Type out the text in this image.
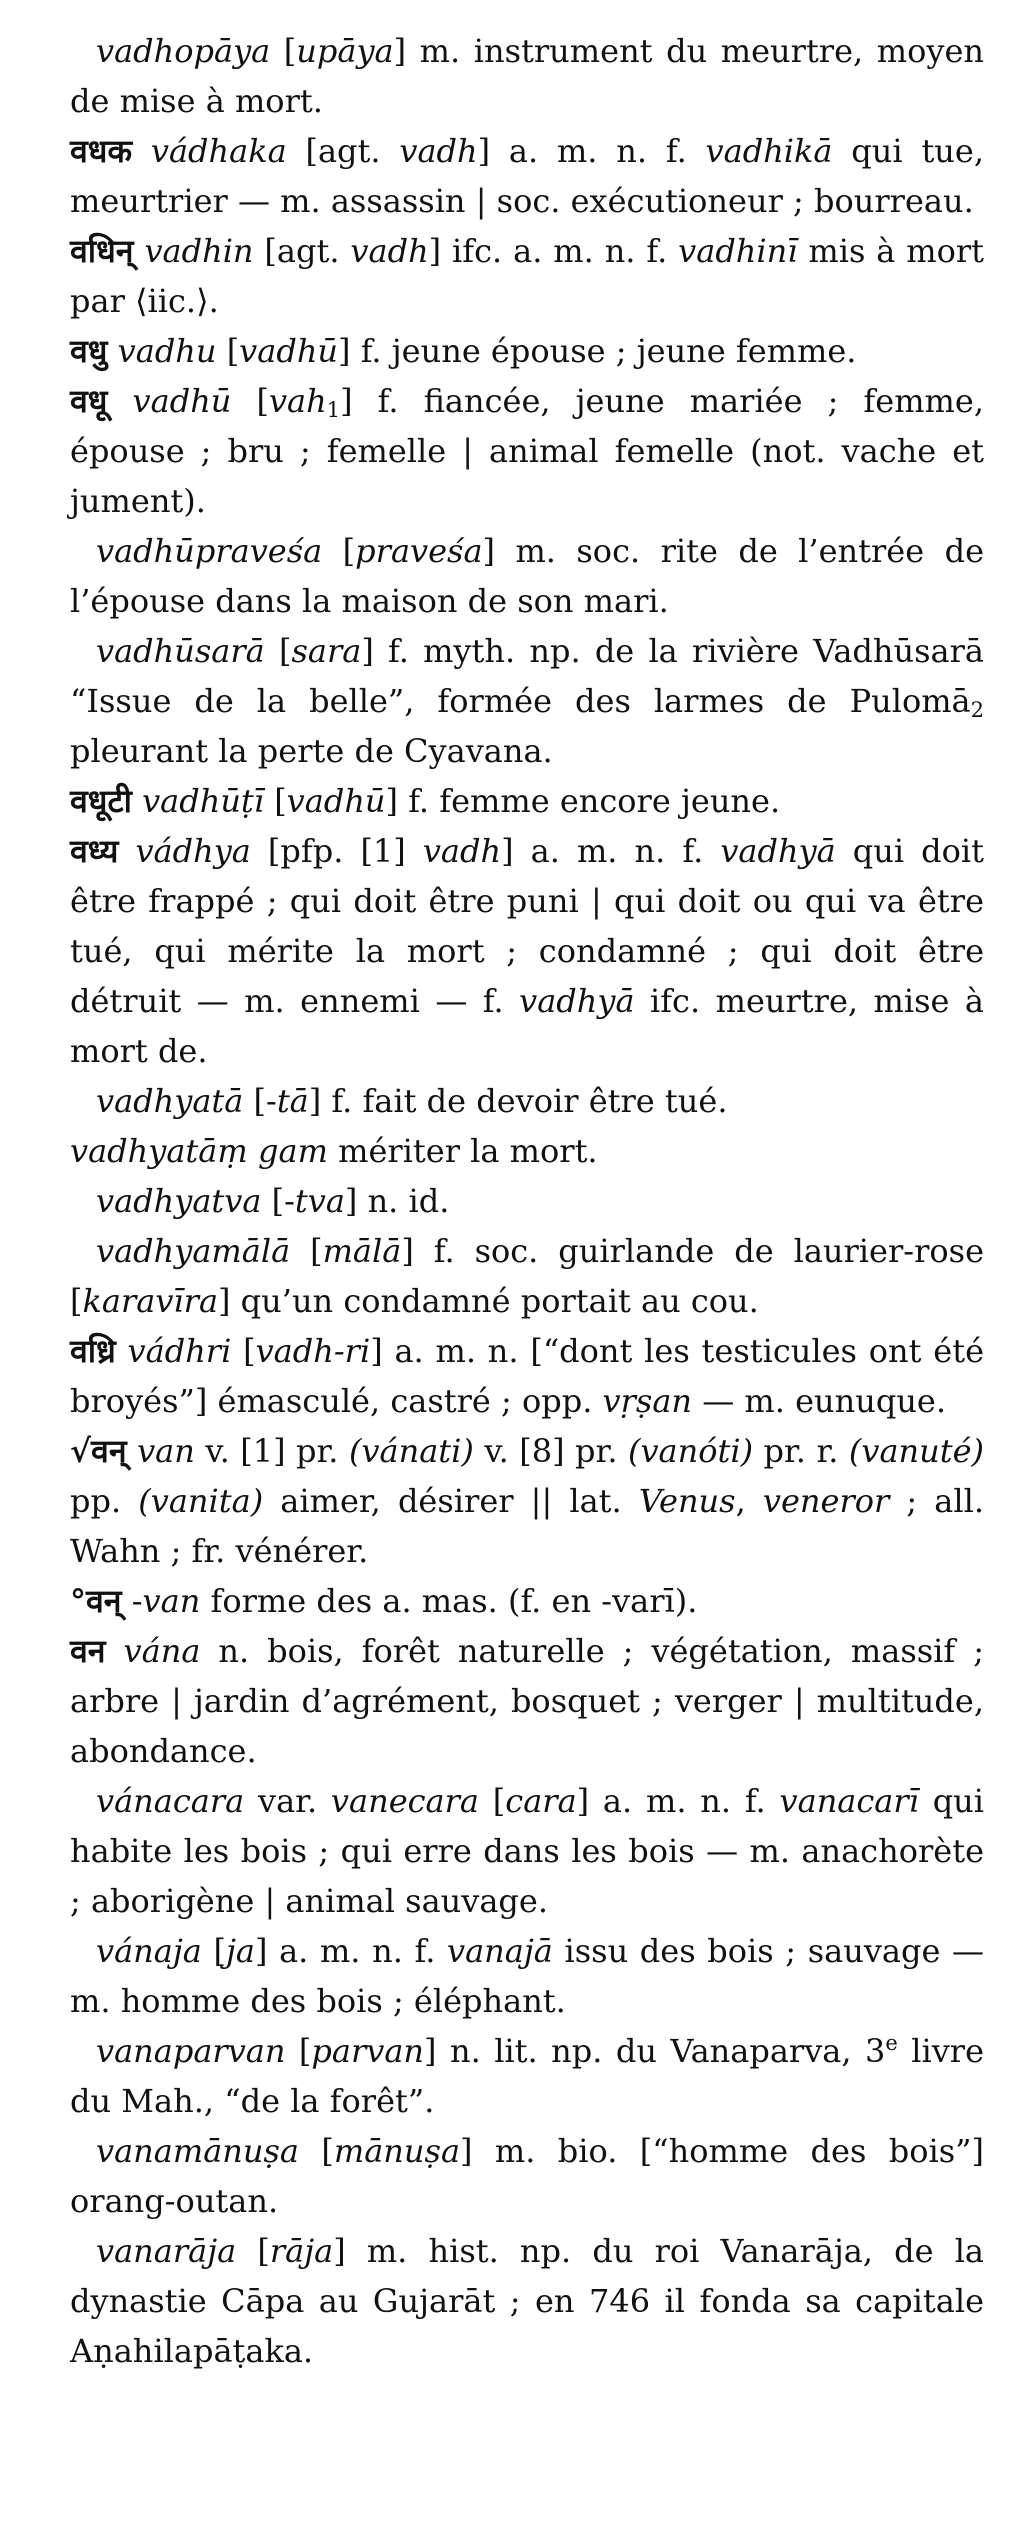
vadhopāya [upāya] m. instrument du meurtre, moyen de mise à mort.

वधक vádhaka [agt. vadh] a. m. n. f. vadhikā qui tue, meurtrier — m. assassin | soc. exécutioneur ; bourreau.

वधिन् vadhin [agt. vadh] ifc. a. m. n. f. vadhinī mis à mort par ⟨iic.⟩.

वधु vadhu [vadhū] f. jeune épouse ; jeune femme.

वधू vadhū [vah$_1$] f. fiancée, jeune mariée ; femme, épouse ; bru ; femelle | animal femelle (not. vache et jument).

vadhūpraveśa [praveśa] m. soc. rite de l’entrée de l’épouse dans la maison de son mari.

vadhūsarā [sara] f. myth. np. de la rivière Vadhūsarā “Issue de la belle”, formée des larmes de Pulomā$_2$ pleurant la perte de Cyavana.

वधूटी vadhūṭī [vadhū] f. femme encore jeune.

वध्य vádhya [pfp. [1] vadh] a. m. n. f. vadhyā qui doit être frappé ; qui doit être puni | qui doit ou qui va être tué, qui mérite la mort ; condamné ; qui doit être détruit — m. ennemi — f. vadhyā ifc. meurtre, mise à mort de.

vadhyatā [-tā] f. fait de devoir être tué.

vadhyatāṃ gam mériter la mort.

vadhyatva [-tva] n. id.

vadhyamālā [mālā] f. soc. guirlande de laurier-rose [karavīra] qu’un condamné portait au cou.

वध्रि vádhri [vadh-ri] a. m. n. [“dont les testicules ont été broyés”] émasculé, castré ; opp. vṛṣan — m. eunuque.

√वन् van v. [1] pr. (vánati) v. [8] pr. (vanóti) pr. r. (vanuté) pp. (vanita) aimer, désirer || lat. Venus, veneror ; all. Wahn ; fr. vénérer.

°वन् -van forme des a. mas. (f. en -varī).

वन vána n. bois, forêt naturelle ; végétation, massif ; arbre | jardin d’agrément, bosquet ; verger | multitude, abondance.

vánacara var. vanecara [cara] a. m. n. f. vanacarī qui habite les bois ; qui erre dans les bois — m. anachorète ; aborigène | animal sauvage.

vánaja [ja] a. m. n. f. vanajā issu des bois ; sauvage — m. homme des bois ; éléphant.

vanaparvan [parvan] n. lit. np. du Vanaparva, 3e livre du Mah., “de la forêt”.

vanamānuṣa [mānuṣa] m. bio. [“homme des bois”] orang-outan.

vanarāja [rāja] m. hist. np. du roi Vanarāja, de la dynastie Cāpa au Gujarāt ; en 746 il fonda sa capitale Aṇahilapāṭaka.
